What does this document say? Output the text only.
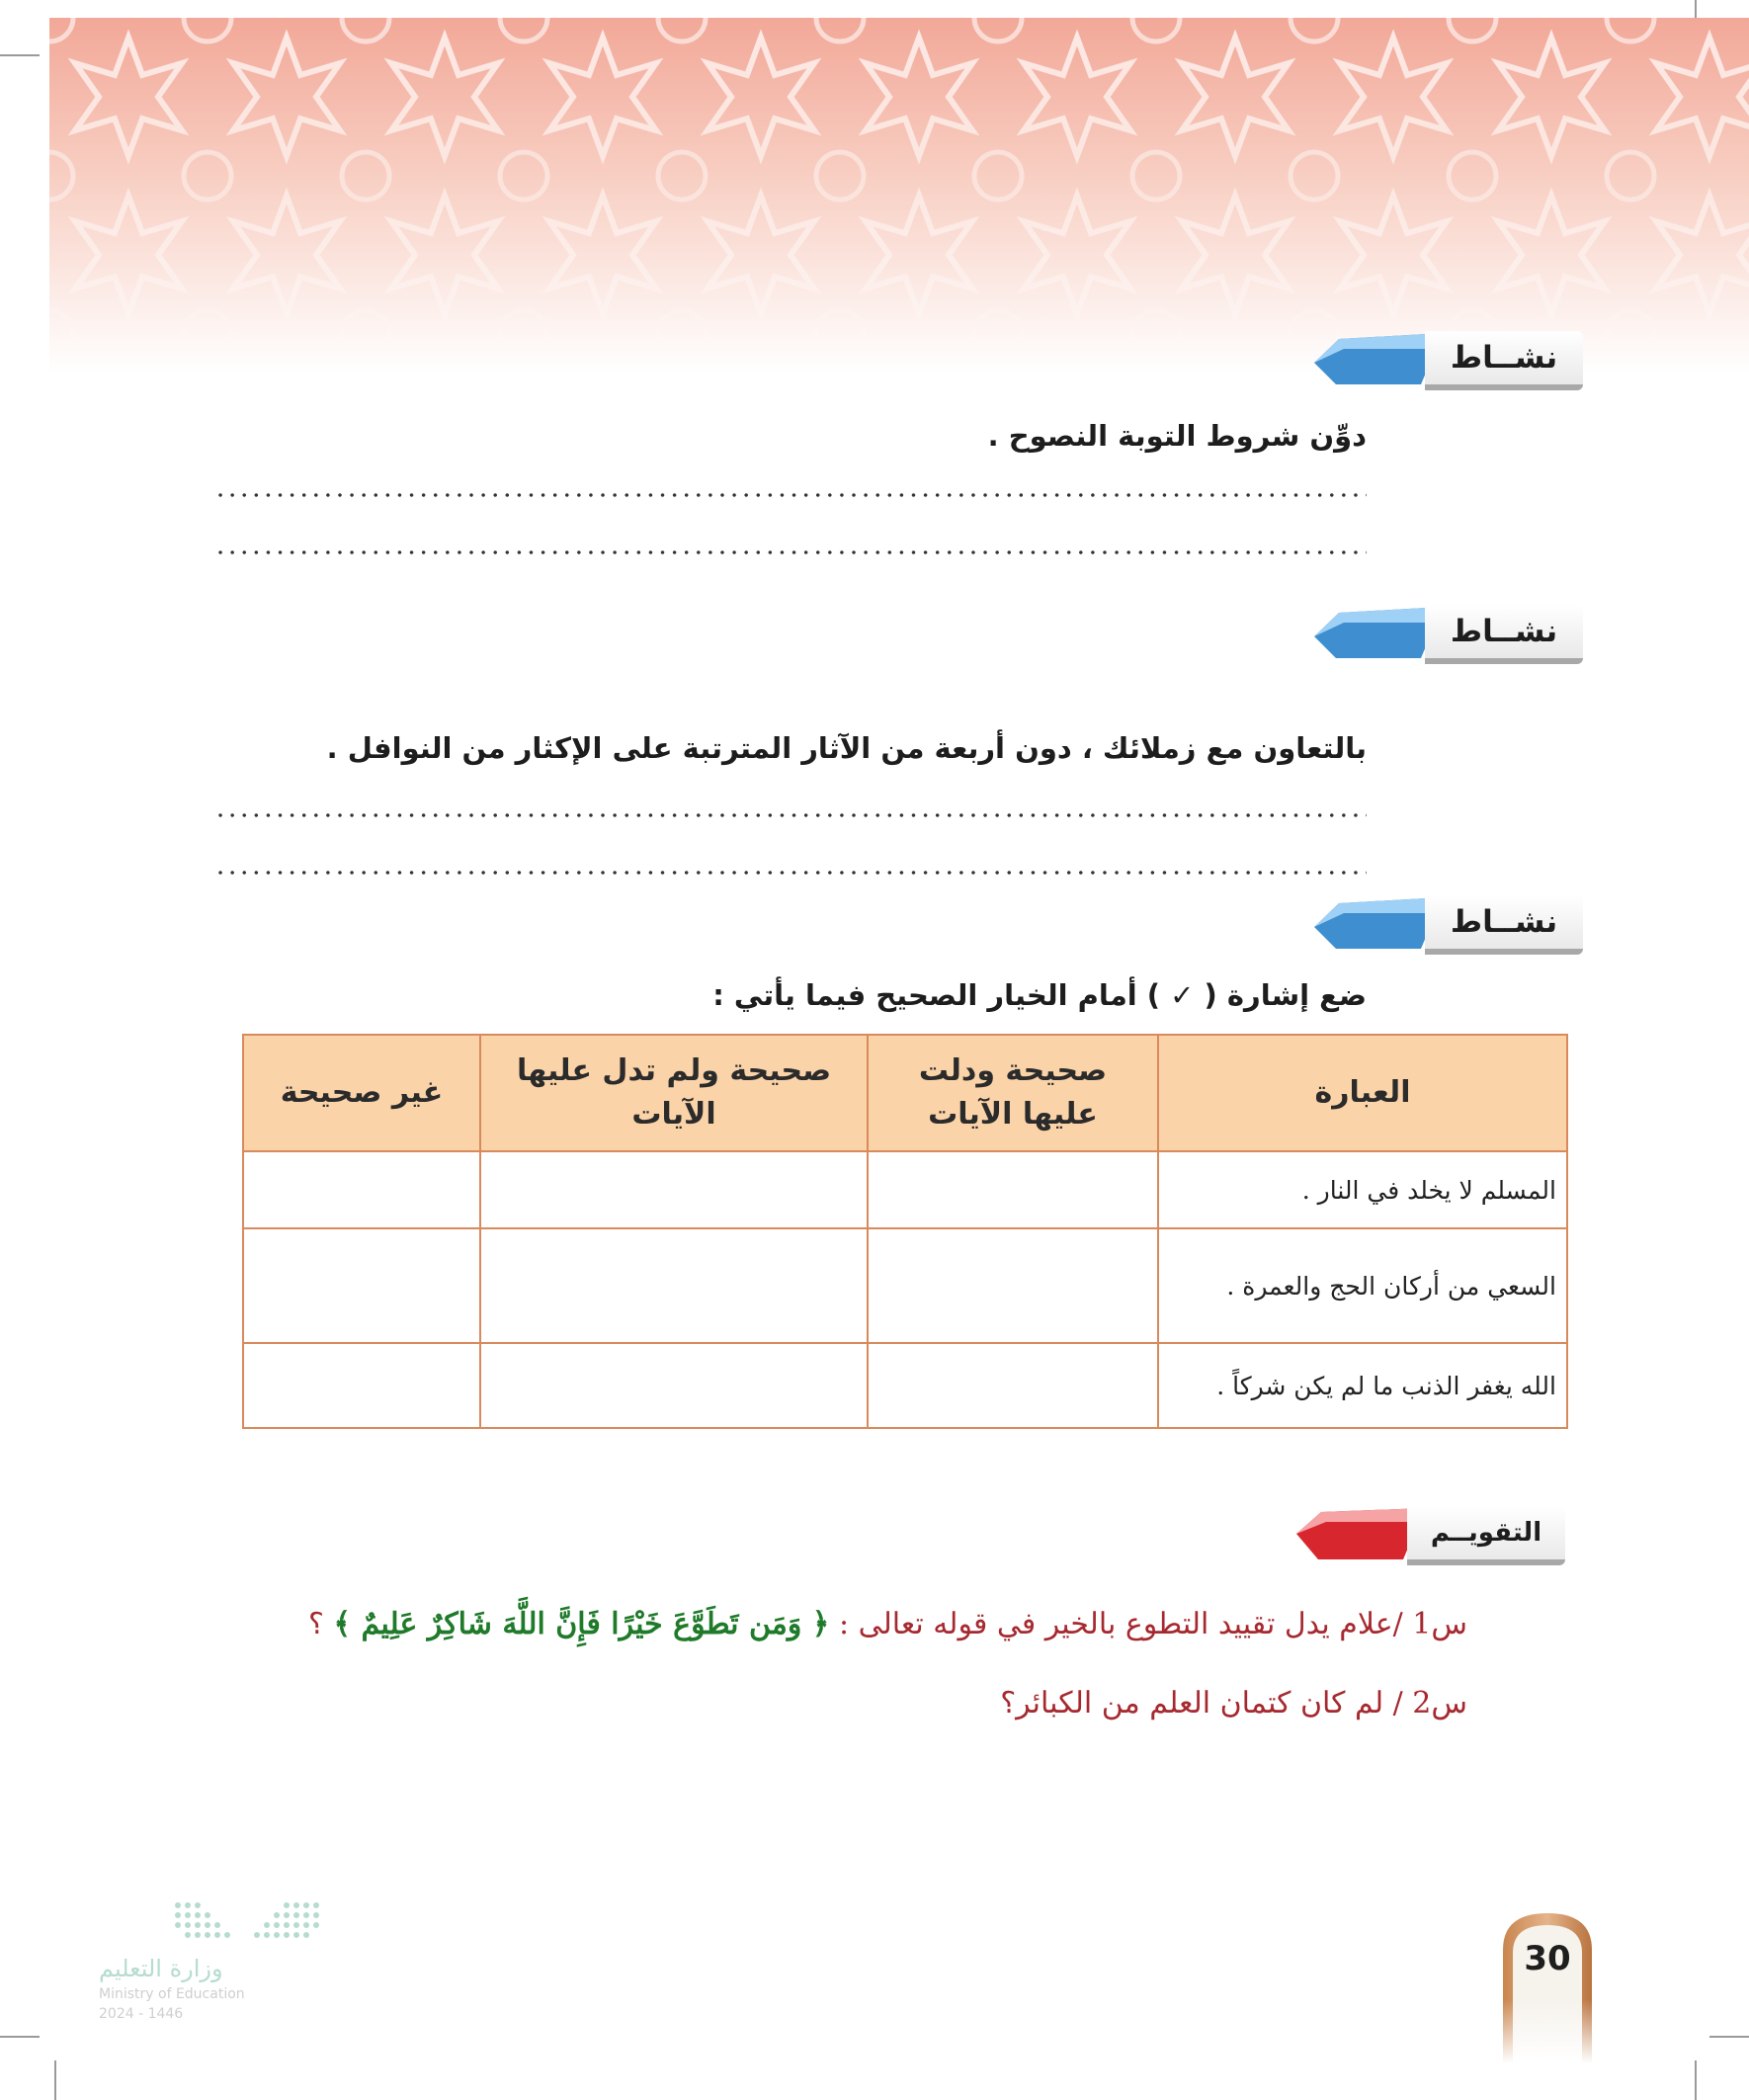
نشــاط
دوِّن شروط التوبة النصوح .
نشــاط
بالتعاون مع زملائك ، دون أربعة من الآثار المترتبة على الإكثار من النوافل .
نشــاط
ضع إشارة ( ✓ ) أمام الخيار الصحيح فيما يأتي :
العبارة	صحيحة ودلت عليها الآيات	صحيحة ولم تدل عليها الآيات	غير صحيحة
المسلم لا يخلد في النار .			
السعي من أركان الحج والعمرة .			
الله يغفر الذنب ما لم يكن شركاً .			
التقويــم
س1 /علام يدل تقييد التطوع بالخير في قوله تعالى : ﴿ وَمَن تَطَوَّعَ خَيْرًا فَإِنَّ اللَّهَ شَاكِرٌ عَلِيمٌ ﴾ ؟
س2 / لم كان كتمان العلم من الكبائر؟
وزارة التعليم
Ministry of Education
2024 - 1446
30
